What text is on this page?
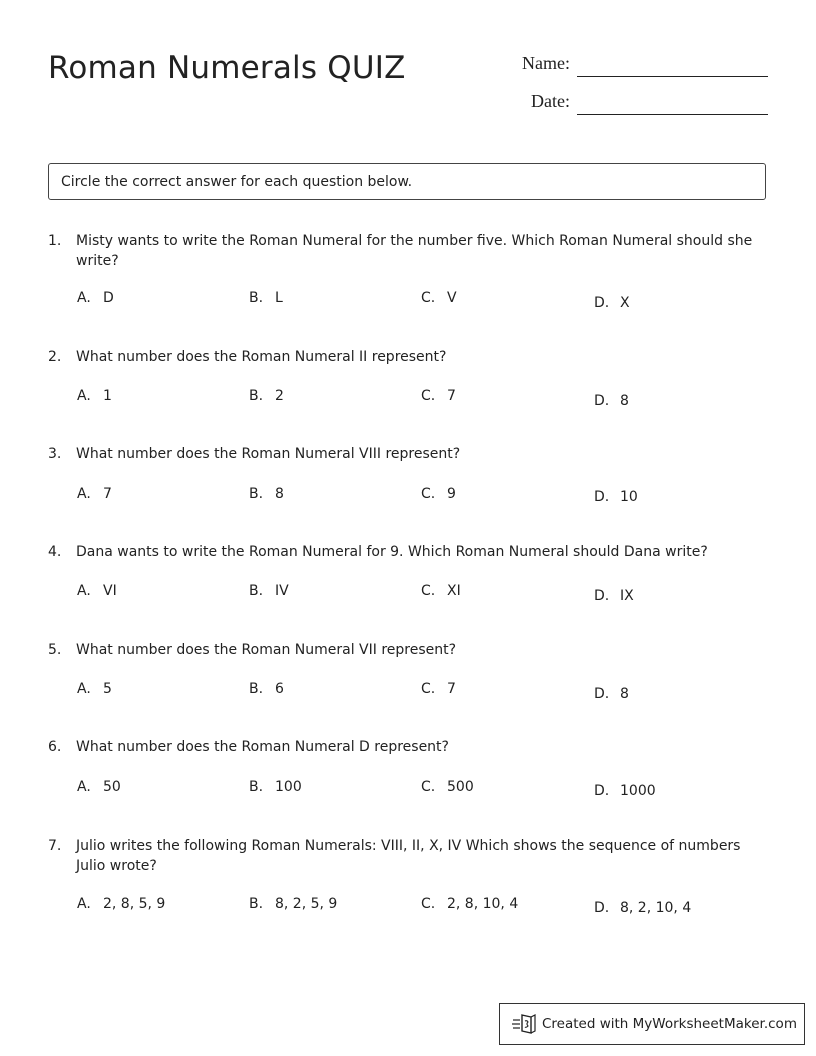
Roman Numerals QUIZ	Name:
Date:
Circle the correct answer for each question below.
1.	Misty wants to write the Roman Numeral for the number five. Which Roman Numeral should she write?
A. D	B. L	C. V	D. X
2.	What number does the Roman Numeral II represent?
A. 1	B. 2	C. 7	D. 8
3.	What number does the Roman Numeral VIII represent?
A. 7	B. 8	C. 9	D. 10
4.	Dana wants to write the Roman Numeral for 9. Which Roman Numeral should Dana write?
A. VI	B. IV	C. XI	D. IX
5.	What number does the Roman Numeral VII represent?
A. 5	B. 6	C. 7	D. 8
6.	What number does the Roman Numeral D represent?
A. 50	B. 100	C. 500	D. 1000
7.	Julio writes the following Roman Numerals: VIII, II, X, IV Which shows the sequence of numbers Julio wrote?
A. 2, 8, 5, 9	B. 8, 2, 5, 9	C. 2, 8, 10, 4	D. 8, 2, 10, 4
Created with MyWorksheetMaker.com
